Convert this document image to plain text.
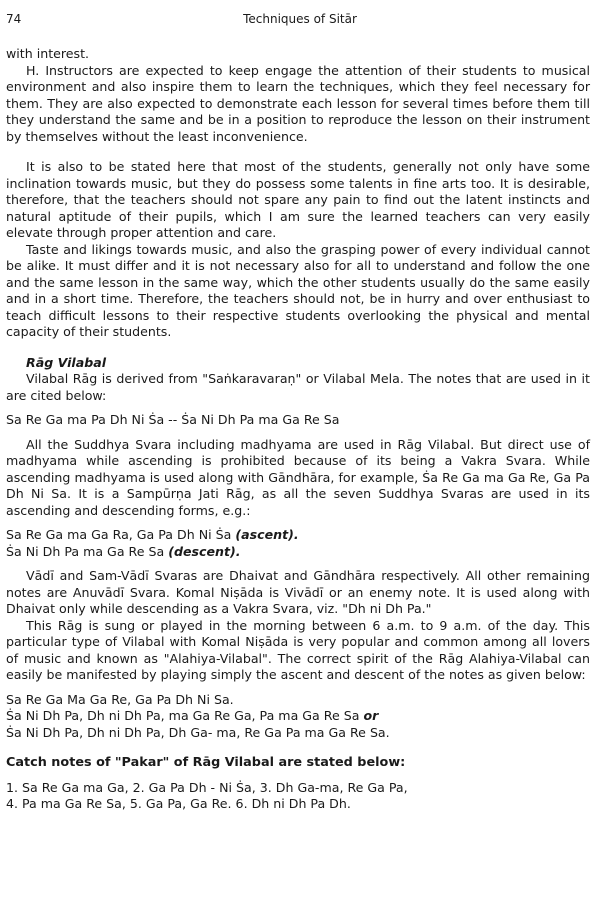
74	Techniques of Sitār

with interest.

H. Instructors are expected to keep engage the attention of their students to musical environment and also inspire them to learn the techniques, which they feel necessary for them. They are also expected to demonstrate each lesson for several times before them till they understand the same and be in a position to reproduce the lesson on their instrument by themselves without the least inconvenience.

It is also to be stated here that most of the students, generally not only have some inclination towards music, but they do possess some talents in fine arts too. It is desirable, therefore, that the teachers should not spare any pain to find out the latent instincts and natural aptitude of their pupils, which I am sure the learned teachers can very easily elevate through proper attention and care.

Taste and likings towards music, and also the grasping power of every individual cannot be alike. It must differ and it is not necessary also for all to understand and follow the one and the same lesson in the same way, which the other students usually do the same easily and in a short time. Therefore, the teachers should not, be in hurry and over enthusiast to teach difficult lessons to their respective students overlooking the physical and mental capacity of their students.

Rāg Vilabal

Vilabal Rāg is derived from "Saṅkaravaraṇ" or Vilabal Mela. The notes that are used in it are cited below:

Sa Re Ga ma Pa Dh Ni Ṡa -- Ṡa Ni Dh Pa ma Ga Re Sa

All the Suddhya Svara including madhyama are used in Rāg Vilabal. But direct use of madhyama while ascending is prohibited because of its being a Vakra Svara. While ascending madhyama is used along with Gāndhāra, for example, Ṡa Re Ga ma Ga Re, Ga Pa Dh Ni Sa. It is a Sampūrṇa Jati Rāg, as all the seven Suddhya Svaras are used in its ascending and descending forms, e.g.:

Sa Re Ga ma Ga Ra, Ga Pa Dh Ni Ṡa (ascent).

Ṡa Ni Dh Pa ma Ga Re Sa (descent).

Vādī and Sam-Vādī Svaras are Dhaivat and Gāndhāra respectively. All other remaining notes are Anuvādī Svara. Komal Niṣāda is Vivādī or an enemy note. It is used along with Dhaivat only while descending as a Vakra Svara, viz. "Dh ni Dh Pa."

This Rāg is sung or played in the morning between 6 a.m. to 9 a.m. of the day. This particular type of Vilabal with Komal Niṣāda is very popular and common among all lovers of music and known as "Alahiya-Vilabal". The correct spirit of the Rāg Alahiya-Vilabal can easily be manifested by playing simply the ascent and descent of the notes as given below:

Sa Re Ga Ma Ga Re, Ga Pa Dh Ni Sa.

Ṡa Ni Dh Pa, Dh ni Dh Pa, ma Ga Re Ga, Pa ma Ga Re Sa or

Ṡa Ni Dh Pa, Dh ni Dh Pa, Dh Ga- ma, Re Ga Pa ma Ga Re Sa.

Catch notes of "Pakar" of Rāg Vilabal are stated below:

1. Sa Re Ga ma Ga, 2. Ga Pa Dh - Ni Ṡa, 3. Dh Ga-ma, Re Ga Pa,

4. Pa ma Ga Re Sa, 5. Ga Pa, Ga Re. 6. Dh ni Dh Pa Dh.
